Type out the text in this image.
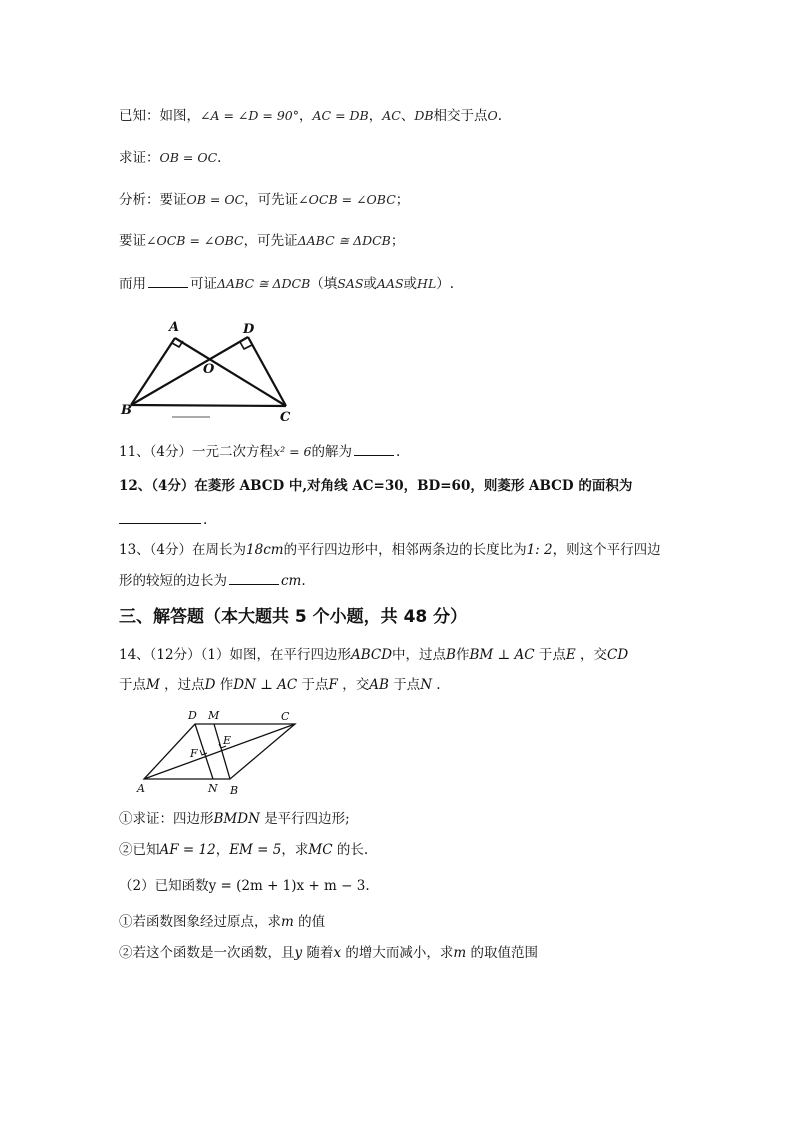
已知：如图，∠A = ∠D = 90°，AC = DB，AC、DB相交于点O.
求证：OB = OC.
分析：要证OB = OC，可先证∠OCB = ∠OBC；
要证∠OCB = ∠OBC，可先证ΔABC ≅ ΔDCB；
而用	可证ΔABC ≅ ΔDCB（填SAS或AAS或HL）.
A	D
O
B	C
11、（4分）一元二次方程x² = 6的解为	.
12、（4分）在菱形 ABCD 中,对角线 AC=30，BD=60，则菱形 ABCD 的面积为
.
13、（4分）在周长为18cm的平行四边形中，相邻两条边的长度比为1: 2，则这个平行四边
形的较短的边长为	cm.
三、解答题（本大题共 5 个小题，共 48 分）
14、（12分）（1）如图，在平行四边形ABCD中，过点B作BM ⊥ AC 于点E ，交CD
于点M ，过点D 作DN ⊥ AC 于点F ，交AB 于点N .
D M	C
F
E
A	N B
①求证：四边形BMDN 是平行四边形;
②已知AF = 12，EM = 5，求MC 的长.
（2）已知函数y = (2m + 1)x + m − 3.
①若函数图象经过原点，求m 的值
②若这个函数是一次函数，且y 随着x 的增大而减小，求m 的取值范围
